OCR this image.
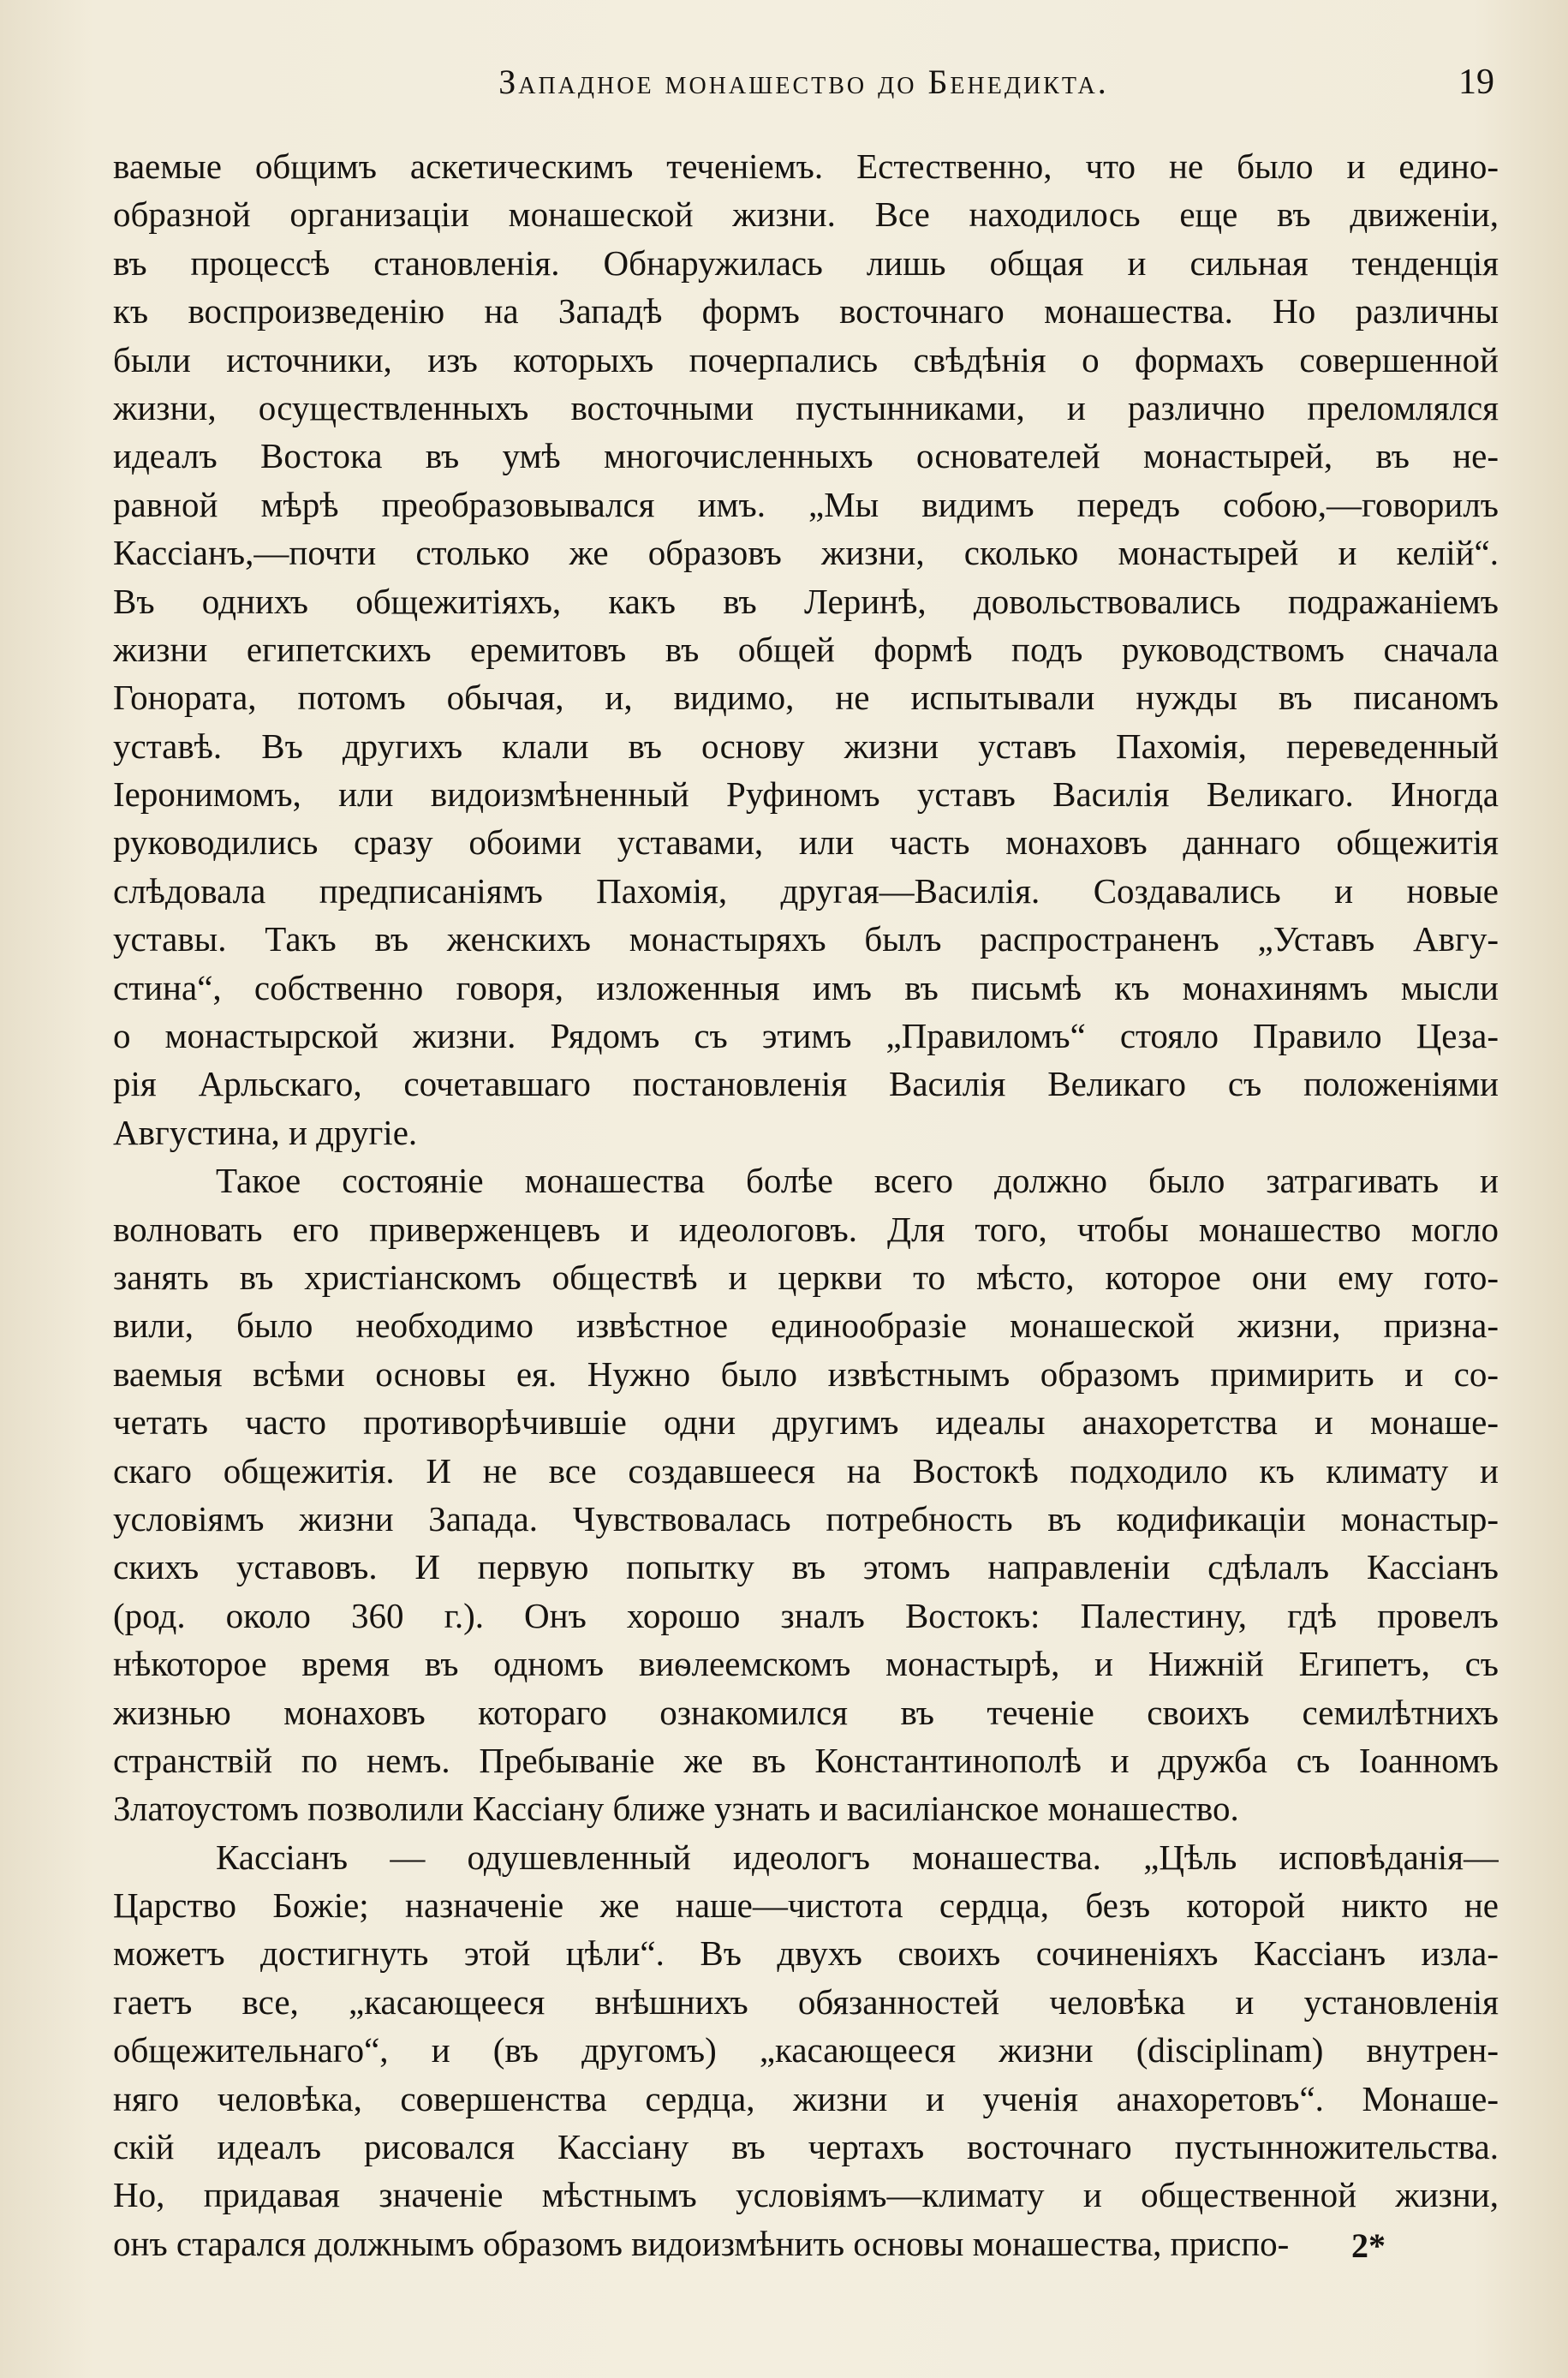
Западное монашество до Бенедикта.	19
ваемые общимъ аскетическимъ теченіемъ. Естественно, что не было и едино-
образной организаціи монашеской жизни. Все находилось еще въ движеніи,
въ процессѣ становленія. Обнаружилась лишь общая и сильная тенденція
къ воспроизведенію на Западѣ формъ восточнаго монашества. Но различны
были источники, изъ которыхъ почерпались свѣдѣнія о формахъ совершенной
жизни, осуществленныхъ восточными пустынниками, и различно преломлялся
идеалъ Востока въ умѣ многочисленныхъ основателей монастырей, въ не-
равной мѣрѣ преобразовывался имъ. „Мы видимъ передъ собою,—говорилъ
Кассіанъ,—почти столько же образовъ жизни, сколько монастырей и келій“.
Въ однихъ общежитіяхъ, какъ въ Леринѣ, довольствовались подражаніемъ
жизни египетскихъ еремитовъ въ общей формѣ подъ руководствомъ сначала
Гонората, потомъ обычая, и, видимо, не испытывали нужды въ писаномъ
уставѣ. Въ другихъ клали въ основу жизни уставъ Пахомія, переведенный
Іеронимомъ, или видоизмѣненный Руфиномъ уставъ Василія Великаго. Иногда
руководились сразу обоими уставами, или часть монаховъ даннаго общежитія
слѣдовала предписаніямъ Пахомія, другая—Василія. Создавались и новые
уставы. Такъ въ женскихъ монастыряхъ былъ распространенъ „Уставъ Авгу-
стина“, собственно говоря, изложенныя имъ въ письмѣ къ монахинямъ мысли
о монастырской жизни. Рядомъ съ этимъ „Правиломъ“ стояло Правило Цеза-
рія Арльскаго, сочетавшаго постановленія Василія Великаго съ положеніями
Августина, и другіе.
Такое состояніе монашества болѣе всего должно было затрагивать и
волновать его приверженцевъ и идеологовъ. Для того, чтобы монашество могло
занять въ христіанскомъ обществѣ и церкви то мѣсто, которое они ему гото-
вили, было необходимо извѣстное единообразіе монашеской жизни, призна-
ваемыя всѣми основы ея. Нужно было извѣстнымъ образомъ примирить и со-
четать часто противорѣчившіе одни другимъ идеалы анахоретства и монаше-
скаго общежитія. И не все создавшееся на Востокѣ подходило къ климату и
условіямъ жизни Запада. Чувствовалась потребность въ кодификаціи монастыр-
скихъ уставовъ. И первую попытку въ этомъ направленіи сдѣлалъ Кассіанъ
(род. около 360 г.). Онъ хорошо зналъ Востокъ: Палестину, гдѣ провелъ
нѣкоторое время въ одномъ виѳлеемскомъ монастырѣ, и Нижній Египетъ, съ
жизнью монаховъ котораго ознакомился въ теченіе своихъ семилѣтнихъ
странствій по немъ. Пребываніе же въ Константинополѣ и дружба съ Іоанномъ
Златоустомъ позволили Кассіану ближе узнать и василіанское монашество.
Кассіанъ — одушевленный идеологъ монашества. „Цѣль исповѣданія—
Царство Божіе; назначеніе же наше—чистота сердца, безъ которой никто не
можетъ достигнуть этой цѣли“. Въ двухъ своихъ сочиненіяхъ Кассіанъ изла-
гаетъ все, „касающееся внѣшнихъ обязанностей человѣка и установленія
общежительнаго“, и (въ другомъ) „касающееся жизни (disciplinam) внутрен-
няго человѣка, совершенства сердца, жизни и ученія анахоретовъ“. Монаше-
скій идеалъ рисовался Кассіану въ чертахъ восточнаго пустынножительства.
Но, придавая значеніе мѣстнымъ условіямъ—климату и общественной жизни,
онъ старался должнымъ образомъ видоизмѣнить основы монашества, приспо-	2*
